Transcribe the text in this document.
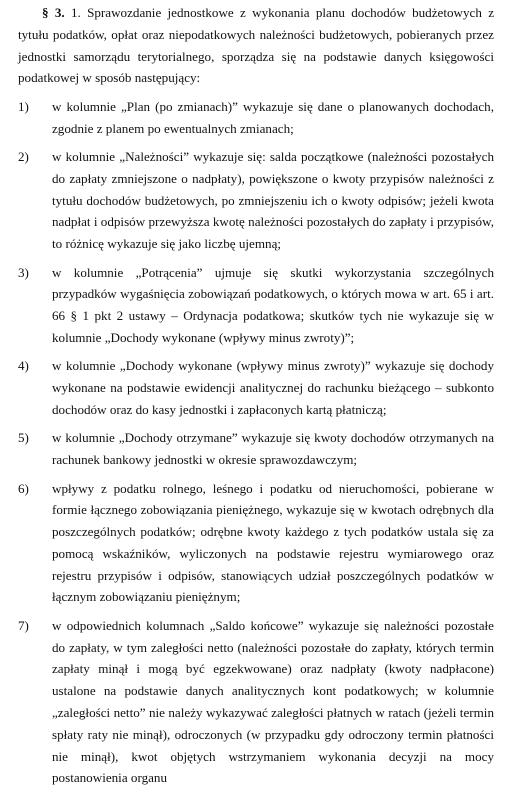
§ 3. 1. Sprawozdanie jednostkowe z wykonania planu dochodów budżetowych z tytułu podatków, opłat oraz niepodatkowych należności budżetowych, pobieranych przez jednostki samorządu terytorialnego, sporządza się na podstawie danych księgowości podatkowej w sposób następujący:

1)	w kolumnie „Plan (po zmianach)” wykazuje się dane o planowanych dochodach, zgodnie z planem po ewentualnych zmianach;
2)	w kolumnie „Należności” wykazuje się: salda początkowe (należności pozostałych do zapłaty zmniejszone o nadpłaty), powiększone o kwoty przypisów należności z tytułu dochodów budżetowych, po zmniejszeniu ich o kwoty odpisów; jeżeli kwota nadpłat i odpisów przewyższa kwotę należności pozostałych do zapłaty i przypisów, to różnicę wykazuje się jako liczbę ujemną;
3)	w kolumnie „Potrącenia” ujmuje się skutki wykorzystania szczególnych przypadków wygaśnięcia zobowiązań podatkowych, o których mowa w art. 65 i art. 66 § 1 pkt 2 ustawy – Ordynacja podatkowa; skutków tych nie wykazuje się w kolumnie „Dochody wykonane (wpływy minus zwroty)”;
4)	w kolumnie „Dochody wykonane (wpływy minus zwroty)” wykazuje się dochody wykonane na podstawie ewidencji analitycznej do rachunku bieżącego – subkonto dochodów oraz do kasy jednostki i zapłaconych kartą płatniczą;
5)	w kolumnie „Dochody otrzymane” wykazuje się kwoty dochodów otrzymanych na rachunek bankowy jednostki w okresie sprawozdawczym;
6)	wpływy z podatku rolnego, leśnego i podatku od nieruchomości, pobierane w formie łącznego zobowiązania pieniężnego, wykazuje się w kwotach odrębnych dla poszczególnych podatków; odrębne kwoty każdego z tych podatków ustala się za pomocą wskaźników, wyliczonych na podstawie rejestru wymiarowego oraz rejestru przypisów i odpisów, stanowiących udział poszczególnych podatków w łącznym zobowiązaniu pieniężnym;
7)	w odpowiednich kolumnach „Saldo końcowe” wykazuje się należności pozostałe do zapłaty, w tym zaległości netto (należności pozostałe do zapłaty, których termin zapłaty minął i mogą być egzekwowane) oraz nadpłaty (kwoty nadpłacone) ustalone na podstawie danych analitycznych kont podatkowych; w kolumnie „zaległości netto” nie należy wykazywać zaległości płatnych w ratach (jeżeli termin spłaty raty nie minął), odroczonych (w przypadku gdy odroczony termin płatności nie minął), kwot objętych wstrzymaniem wykonania decyzji na mocy postanowienia organu
